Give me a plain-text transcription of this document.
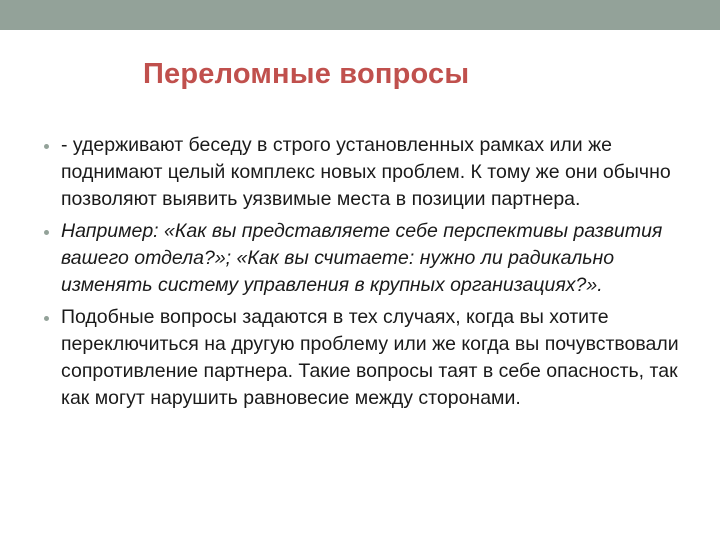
Переломные вопросы
- удерживают беседу в строго установленных рамках или же поднимают целый комплекс новых проблем. К тому же они обычно позволяют выявить уязвимые места в позиции партнера.
Например: «Как вы представляете себе перспективы развития вашего отдела?»; «Как вы считаете: нужно ли радикально изменять систему управления в крупных организациях?».
Подобные вопросы задаются в тех случаях, когда вы хотите переключиться на другую проблему или же когда вы почувствовали сопротивление партнера. Такие вопросы таят в себе опасность, так как могут нарушить равновесие между сторонами.
